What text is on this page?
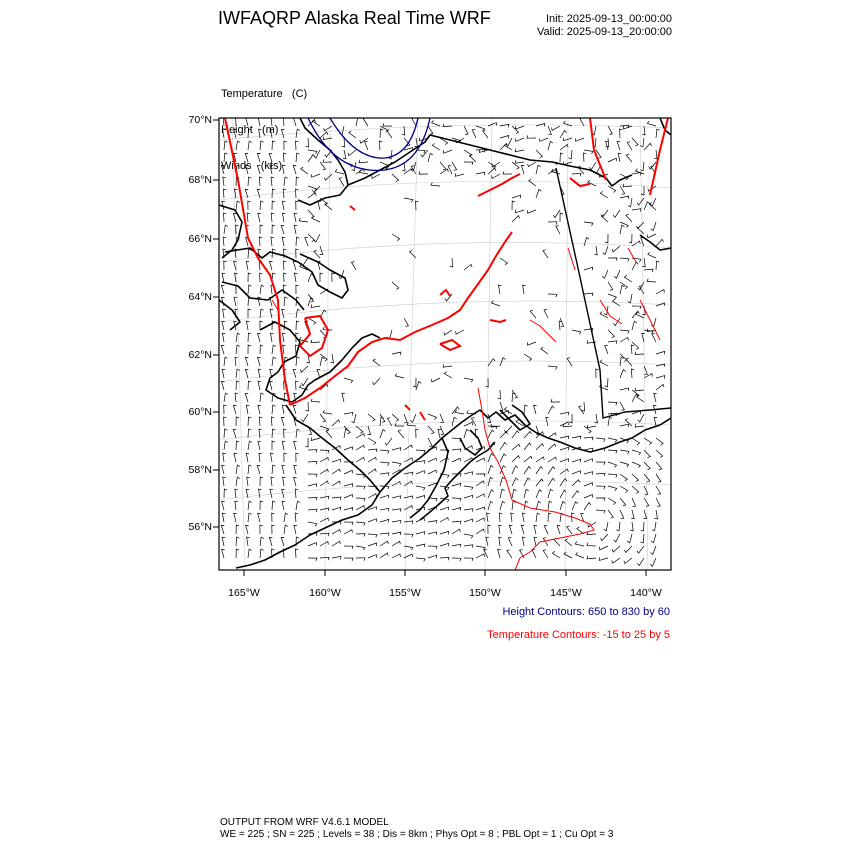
IWFAQRP Alaska Real Time WRF	Init: 2025-09-13_00:00:00
Valid: 2025-09-13_20:00:00

Temperature   (C)

Height   (m)

Winds   (kts)

70°N
68°N
66°N
64°N
62°N
60°N
58°N
56°N
165°W	160°W	155°W	150°W	145°W	140°W
Height Contours: 650 to 830 by 60
Temperature Contours: -15 to 25 by 5
OUTPUT FROM WRF V4.6.1 MODEL
WE = 225 ; SN = 225 ; Levels = 38 ; Dis = 8km ; Phys Opt = 8 ; PBL Opt = 1 ; Cu Opt = 3
